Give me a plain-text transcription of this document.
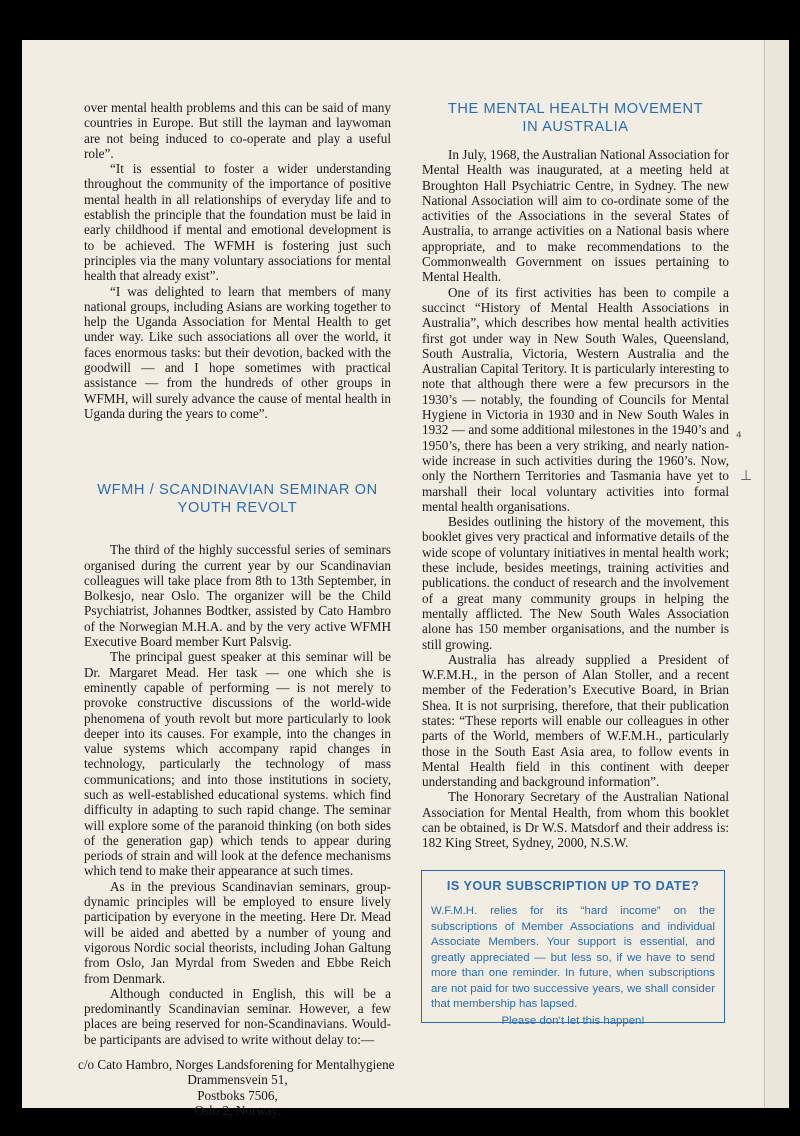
over mental health problems and this can be said of many countries in Europe. But still the layman and laywoman are not being induced to co-operate and play a useful role”.

“It is essential to foster a wider understanding throughout the community of the importance of positive mental health in all relationships of everyday life and to establish the principle that the foundation must be laid in early childhood if mental and emotional development is to be achieved. The WFMH is fostering just such principles via the many voluntary associations for mental health that already exist”.

“I was delighted to learn that members of many national groups, including Asians are working together to help the Uganda Association for Mental Health to get under way. Like such associations all over the world, it faces enormous tasks: but their devotion, backed with the goodwill — and I hope sometimes with practical assistance — from the hundreds of other groups in WFMH, will surely advance the cause of mental health in Uganda during the years to come”.

WFMH / SCANDINAVIAN SEMINAR ON
YOUTH REVOLT

The third of the highly successful series of seminars organised during the current year by our Scandinavian colleagues will take place from 8th to 13th September, in Bolkesjo, near Oslo. The organizer will be the Child Psychiatrist, Johannes Bodtker, assisted by Cato Hambro of the Norwegian M.H.A. and by the very active WFMH Executive Board member Kurt Palsvig.

The principal guest speaker at this seminar will be Dr. Margaret Mead. Her task — one which she is eminently capable of performing — is not merely to provoke constructive discussions of the world-wide phenomena of youth revolt but more particularly to look deeper into its causes. For example, into the changes in value systems which accompany rapid changes in technology, particularly the technology of mass communications; and into those institutions in society, such as well-established educational systems. which find difficulty in adapting to such rapid change. The seminar will explore some of the paranoid thinking (on both sides of the generation gap) which tends to appear during periods of strain and will look at the defence mechanisms which tend to make their appearance at such times.

As in the previous Scandinavian seminars, group-dynamic principles will be employed to ensure lively participation by everyone in the meeting. Here Dr. Mead will be aided and abetted by a number of young and vigorous Nordic social theorists, including Johan Galtung from Oslo, Jan Myrdal from Sweden and Ebbe Reich from Denmark.

Although conducted in English, this will be a predominantly Scandinavian seminar. However, a few places are being reserved for non-Scandinavians. Would-be participants are advised to write without delay to:—

c/o Cato Hambro, Norges Landsforening for Mentalhygiene
Drammensvein 51,
Postboks 7506,
Oslo 2, Norway.
THE MENTAL HEALTH MOVEMENT
IN AUSTRALIA

In July, 1968, the Australian National Association for Mental Health was inaugurated, at a meeting held at Broughton Hall Psychiatric Centre, in Sydney. The new National Association will aim to co-ordinate some of the activities of the Associations in the several States of Australia, to arrange activities on a National basis where appropriate, and to make recommendations to the Commonwealth Government on issues pertaining to Mental Health.

One of its first activities has been to compile a succinct “History of Mental Health Associations in Australia”, which describes how mental health activities first got under way in New South Wales, Queensland, South Australia, Victoria, Western Australia and the Australian Capital Teritory. It is particularly interesting to note that although there were a few precursors in the 1930’s — notably, the founding of Councils for Mental Hygiene in Victoria in 1930 and in New South Wales in 1932 — and some additional milestones in the 1940’s and 1950’s, there has been a very striking, and nearly nation-wide increase in such activities during the 1960’s. Now, only the Northern Territories and Tasmania have yet to marshall their local voluntary activities into formal mental health organisations.

Besides outlining the history of the movement, this booklet gives very practical and informative details of the wide scope of voluntary initiatives in mental health work; these include, besides meetings, training activities and publications. the conduct of research and the involvement of a great many community groups in helping the mentally afflicted. The New South Wales Association alone has 150 member organisations, and the number is still growing.

Australia has already supplied a President of W.F.M.H., in the person of Alan Stoller, and a recent member of the Federation’s Executive Board, in Brian Shea. It is not surprising, therefore, that their publication states: “These reports will enable our colleagues in other parts of the World, members of W.F.M.H., particularly those in the South East Asia area, to follow events in Mental Health field in this continent with deeper understanding and background information”.

The Honorary Secretary of the Australian National Association for Mental Health, from whom this booklet can be obtained, is Dr W.S. Matsdorf and their address is: 182 King Street, Sydney, 2000, N.S.W.

IS YOUR SUBSCRIPTION UP TO DATE?

W.F.M.H. relies for its “hard income” on the subscriptions of Member Associations and individual Associate Members. Your support is essential, and greatly appreciated — but less so, if we have to send more than one reminder. In future, when subscriptions are not paid for two successive years, we shall consider that membership has lapsed.

Please don’t let this happen!

⁴
⊥
